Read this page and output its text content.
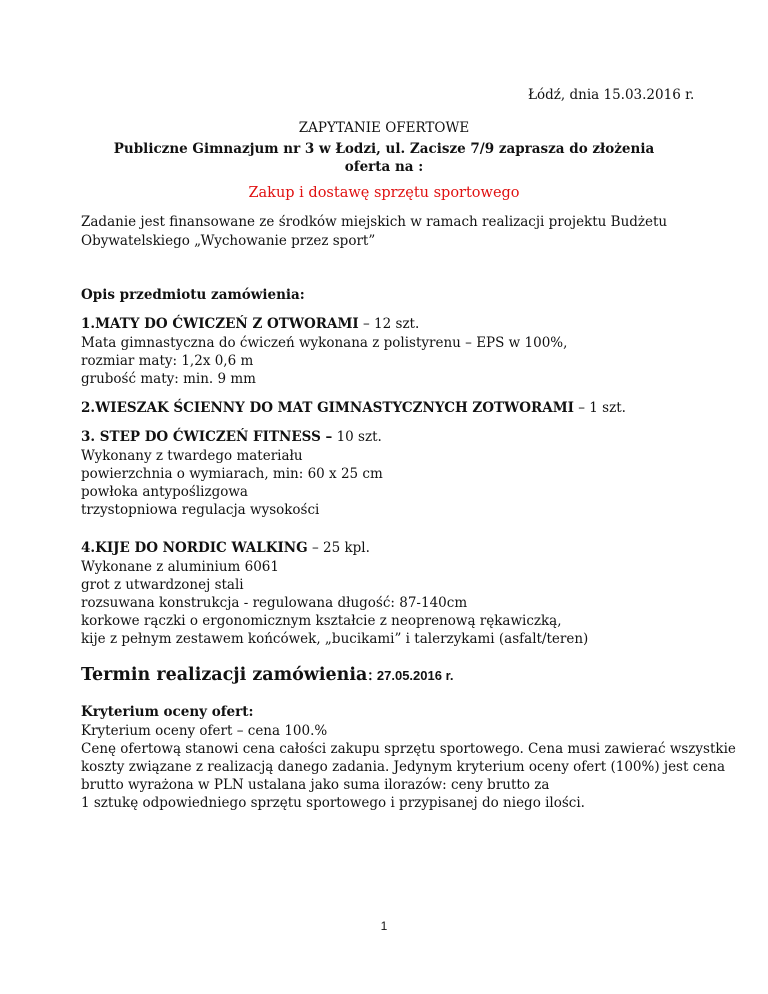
Łódź, dnia 15.03.2016 r.
ZAPYTANIE OFERTOWE
Publiczne Gimnazjum nr 3 w Łodzi, ul. Zacisze 7/9 zaprasza do złożenia
oferta na :
Zakup i dostawę sprzętu sportowego
Zadanie jest finansowane ze środków miejskich w ramach realizacji projektu Budżetu
Obywatelskiego „Wychowanie przez sport”
Opis przedmiotu zamówienia:
1.MATY DO ĆWICZEŃ Z OTWORAMI – 12 szt.
Mata gimnastyczna do ćwiczeń wykonana z polistyrenu – EPS w 100%,
rozmiar maty: 1,2x 0,6 m
grubość maty: min. 9 mm
2.WIESZAK ŚCIENNY DO MAT GIMNASTYCZNYCH ZOTWORAMI – 1 szt.
3. STEP DO ĆWICZEŃ FITNESS – 10 szt.
Wykonany z twardego materiału
powierzchnia o wymiarach, min: 60 x 25 cm
powłoka antypoślizgowa
trzystopniowa regulacja wysokości
4.KIJE DO NORDIC WALKING – 25 kpl.
Wykonane z aluminium 6061
grot z utwardzonej stali
rozsuwana konstrukcja - regulowana długość: 87-140cm
korkowe rączki o ergonomicznym kształcie z neoprenową rękawiczką,
kije z pełnym zestawem końcówek, „bucikami” i talerzykami (asfalt/teren)
Termin realizacji zamówienia: 27.05.2016 r.
Kryterium oceny ofert:
Kryterium oceny ofert – cena 100.%
Cenę ofertową stanowi cena całości zakupu sprzętu sportowego. Cena musi zawierać wszystkie
koszty związane z realizacją danego zadania. Jedynym kryterium oceny ofert (100%) jest cena
brutto wyrażona w PLN ustalana jako suma ilorazów: ceny brutto za
1 sztukę odpowiedniego sprzętu sportowego i przypisanej do niego ilości.
1
